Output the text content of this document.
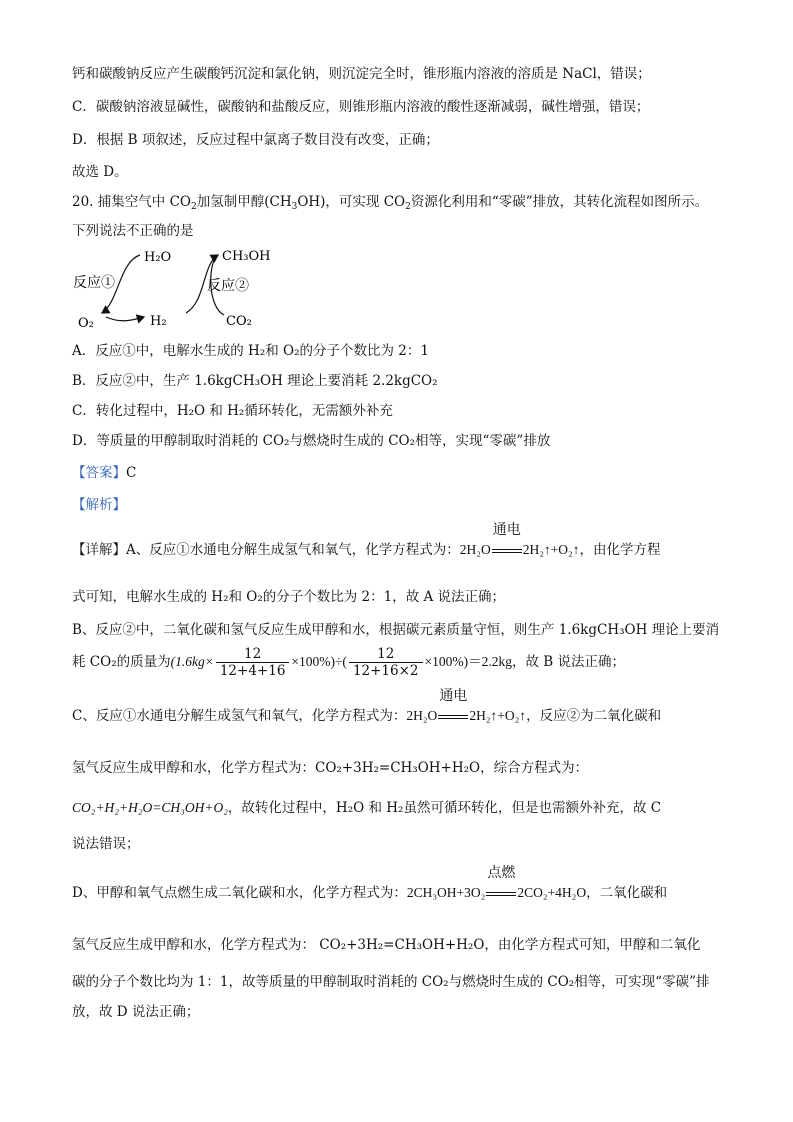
钙和碳酸钠反应产生碳酸钙沉淀和氯化钠，则沉淀完全时，锥形瓶内溶液的溶质是 NaCl，错误；
C．碳酸钠溶液显碱性，碳酸钠和盐酸反应，则锥形瓶内溶液的酸性逐渐减弱，碱性增强，错误；
D．根据 B 项叙述，反应过程中氯离子数目没有改变，正确；
故选 D。
20. 捕集空气中 $CO_2$加氢制甲醇$(CH_3OH)$，可实现 $CO_2$资源化利用和“零碳”排放，其转化流程如图所示。
下列说法不正确的是
H₂O
O₂	H₂
CH₃OH
CO₂
反应①	反应②
A．反应①中，电解水生成的 H₂和 O₂的分子个数比为 2：1
B．反应②中，生产 1.6kgCH₃OH 理论上要消耗 2.2kgCO₂
C．转化过程中，H₂O 和 H₂循环转化，无需额外补充
D．等质量的甲醇制取时消耗的 CO₂与燃烧时生成的 CO₂相等，实现“零碳”排放
【答案】C
【解析】
【详解】A、反应①水通电分解生成氢气和氧气，化学方程式为：2H₂O
通电
2H₂↑+O₂↑，由化学方程
式可知，电解水生成的 H₂和 O₂的分子个数比为 2：1，故 A 说法正确；
B、反应②中，二氧化碳和氢气反应生成甲醇和水，根据碳元素质量守恒，则生产 1.6kgCH₃OH 理论上要消
耗 CO₂的质量为$(1.6kg\times \frac{12}{12+4+16} \times 100\%)\div( \frac{12}{12+16\times 2} \times 100\%)=2.2kg$，故 B 说法正确；
C、反应①水通电分解生成氢气和氧气，化学方程式为：2H₂O
通电
2H₂↑+O₂↑，反应②为二氧化碳和
氢气反应生成甲醇和水，化学方程式为：CO₂+3H₂=CH₃OH+H₂O，综合方程式为：
CO₂+H₂+H₂O=CH₃OH+O₂，故转化过程中，H₂O 和 H₂虽然可循环转化，但是也需额外补充，故 C
说法错误；
D、甲醇和氧气点燃生成二氧化碳和水，化学方程式为：2CH₃OH+3O₂
点燃
2CO₂+4H₂O，二氧化碳和
氢气反应生成甲醇和水，化学方程式为： CO₂+3H₂=CH₃OH+H₂O，由化学方程式可知，甲醇和二氧化
碳的分子个数比均为 1：1，故等质量的甲醇制取时消耗的 CO₂与燃烧时生成的 CO₂相等，可实现“零碳”排
放，故 D 说法正确；
